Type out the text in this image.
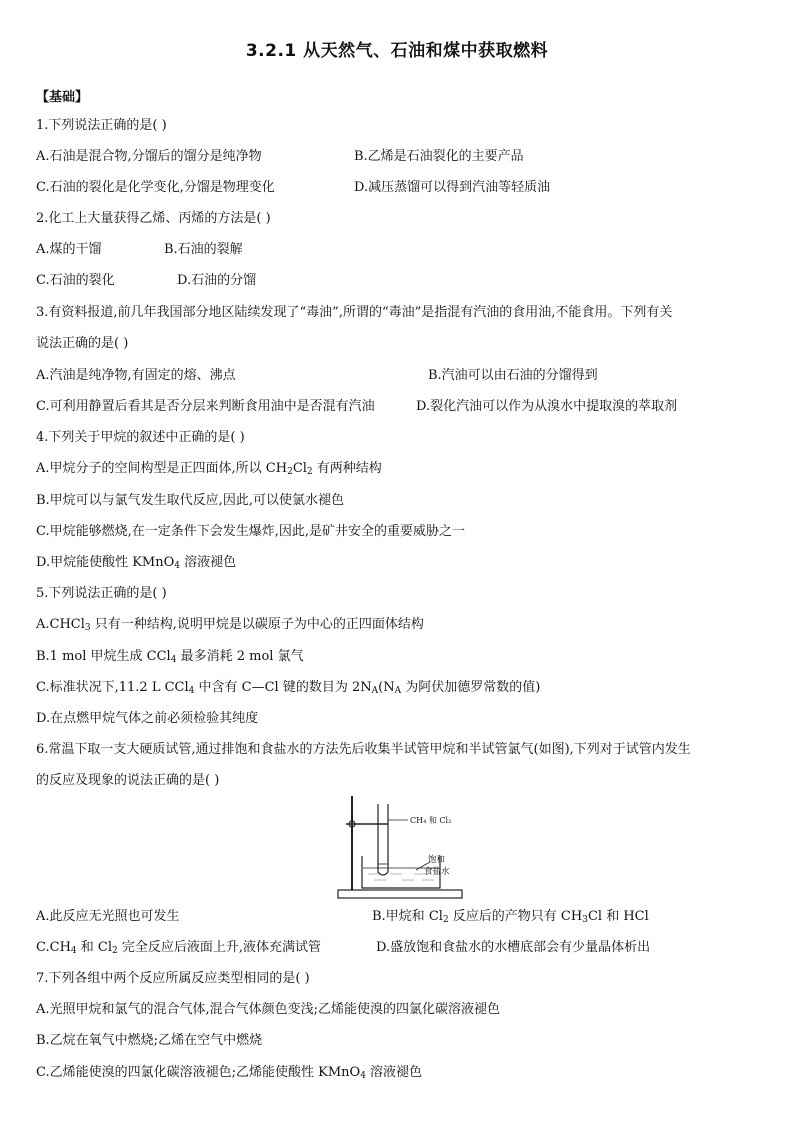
3.2.1 从天然气、石油和煤中获取燃料
【基础】
1.下列说法正确的是( )
A.石油是混合物,分馏后的馏分是纯净物	B.乙烯是石油裂化的主要产品
C.石油的裂化是化学变化,分馏是物理变化	D.减压蒸馏可以得到汽油等轻质油
2.化工上大量获得乙烯、丙烯的方法是( )
A.煤的干馏	B.石油的裂解
C.石油的裂化	D.石油的分馏
3.有资料报道,前几年我国部分地区陆续发现了“毒油”,所谓的“毒油”是指混有汽油的食用油,不能食用。下列有关
说法正确的是( )
A.汽油是纯净物,有固定的熔、沸点	B.汽油可以由石油的分馏得到
C.可利用静置后看其是否分层来判断食用油中是否混有汽油	D.裂化汽油可以作为从溴水中提取溴的萃取剂
4.下列关于甲烷的叙述中正确的是( )
A.甲烷分子的空间构型是正四面体,所以 $CH_2Cl_2$ 有两种结构
B.甲烷可以与氯气发生取代反应,因此,可以使氯水褪色
C.甲烷能够燃烧,在一定条件下会发生爆炸,因此,是矿井安全的重要威胁之一
D.甲烷能使酸性 KMnO$_4$ 溶液褪色
5.下列说法正确的是( )
A.CHCl$_3$ 只有一种结构,说明甲烷是以碳原子为中心的正四面体结构
B.1 mol 甲烷生成 CCl$_4$ 最多消耗 2 mol 氯气
C.标准状况下,11.2 L CCl$_4$ 中含有 C—Cl 键的数目为 $2N_A(N_A$ 为阿伏加德罗常数的值)
D.在点燃甲烷气体之前必须检验其纯度
6.常温下取一支大硬质试管,通过排饱和食盐水的方法先后收集半试管甲烷和半试管氯气(如图),下列对于试管内发生
的反应及现象的说法正确的是( )
CH₄ 和 Cl₂
饱和
食盐水
A.此反应无光照也可发生	B.甲烷和 $Cl_2$ 反应后的产物只有 $CH_3Cl$ 和 HCl
$C.CH_4$ 和 $Cl_2$ 完全反应后液面上升,液体充满试管	D.盛放饱和食盐水的水槽底部会有少量晶体析出
7.下列各组中两个反应所属反应类型相同的是( )
A.光照甲烷和氯气的混合气体,混合气体颜色变浅;乙烯能使溴的四氯化碳溶液褪色
B.乙烷在氧气中燃烧;乙烯在空气中燃烧
C.乙烯能使溴的四氯化碳溶液褪色;乙烯能使酸性 KMnO$_4$ 溶液褪色
